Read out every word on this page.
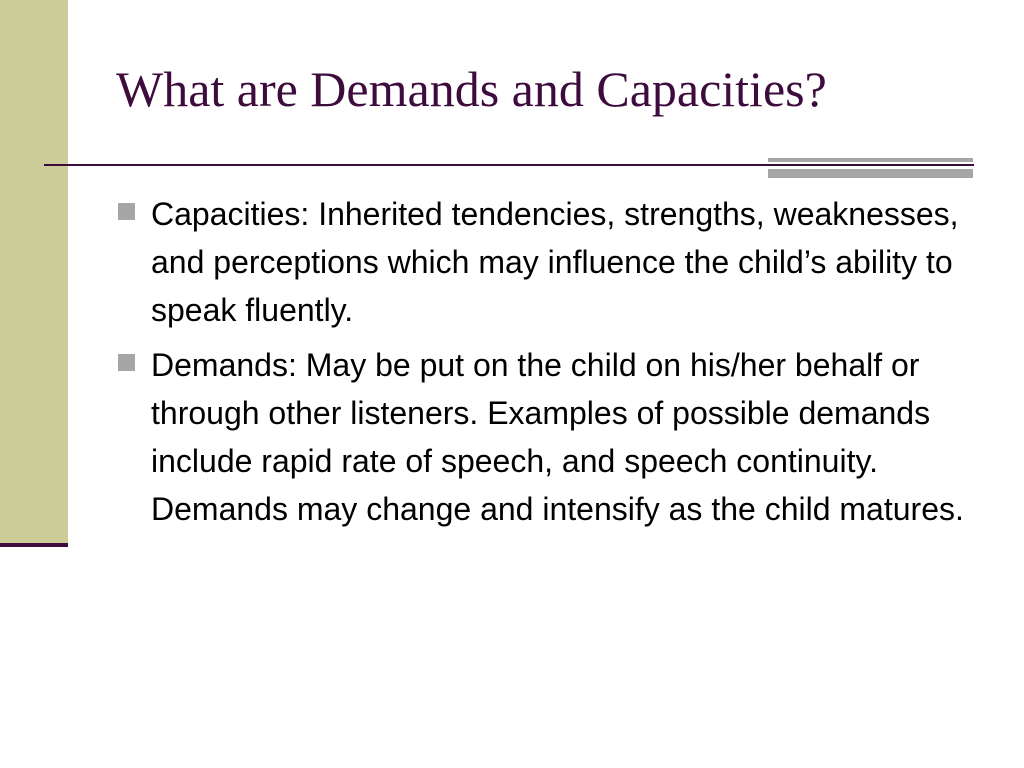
What are Demands and Capacities?
Capacities: Inherited tendencies, strengths, weaknesses, and perceptions which may influence the child’s ability to speak fluently.
Demands: May be put on the child on his/her behalf or through other listeners. Examples of possible demands include rapid rate of speech, and speech continuity. Demands may change and intensify as the child matures.
